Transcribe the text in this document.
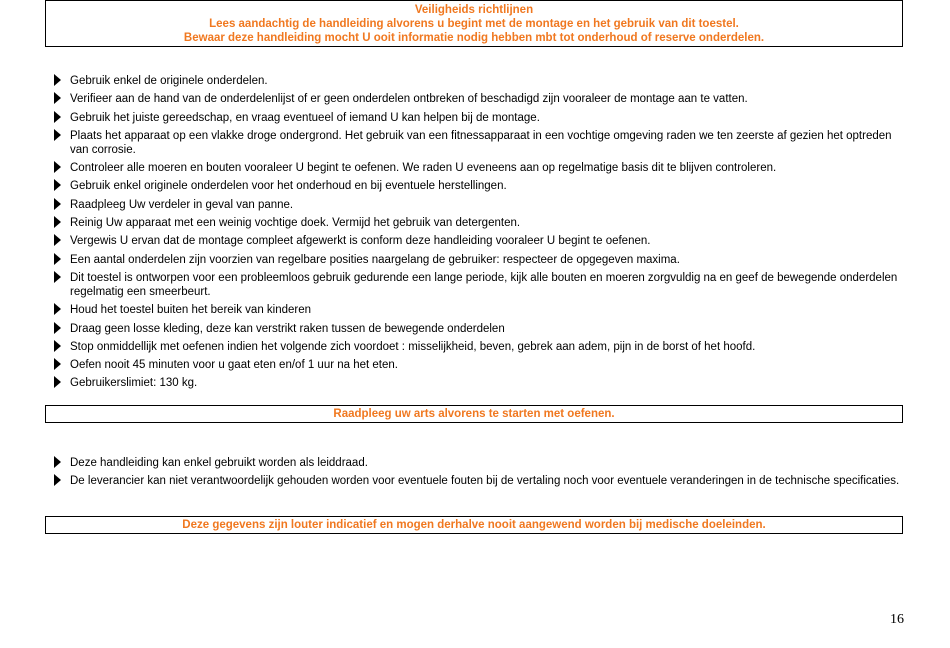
Veiligheids richtlijnen
Lees aandachtig de handleiding alvorens u begint met de montage en het gebruik van dit toestel.
Bewaar deze handleiding mocht U ooit informatie nodig hebben mbt tot onderhoud of reserve onderdelen.
Gebruik enkel de originele onderdelen.
Verifieer aan de hand van de onderdelenlijst of er geen onderdelen ontbreken of beschadigd zijn vooraleer de montage aan te vatten.
Gebruik het juiste gereedschap, en vraag eventueel of iemand U kan helpen bij de montage.
Plaats het apparaat op een vlakke droge ondergrond. Het gebruik van een fitnessapparaat in een vochtige omgeving raden we ten zeerste af gezien het optreden van corrosie.
Controleer alle moeren en bouten vooraleer U begint te oefenen. We raden U eveneens aan op regelmatige basis dit te blijven controleren.
Gebruik enkel originele onderdelen voor het onderhoud en bij eventuele herstellingen.
Raadpleeg Uw verdeler in geval van panne.
Reinig Uw apparaat met een weinig vochtige doek. Vermijd het gebruik van detergenten.
Vergewis U ervan dat de montage compleet afgewerkt is conform deze handleiding vooraleer U begint te oefenen.
Een aantal onderdelen zijn voorzien van regelbare posities naargelang de gebruiker: respecteer de opgegeven maxima.
Dit toestel is ontworpen voor een probleemloos gebruik gedurende een lange periode, kijk alle bouten en moeren zorgvuldig na en geef de bewegende onderdelen regelmatig een smeerbeurt.
Houd het toestel buiten het bereik van kinderen
Draag geen losse kleding, deze kan verstrikt raken tussen de bewegende onderdelen
Stop onmiddellijk met oefenen indien het volgende zich voordoet : misselijkheid, beven, gebrek aan adem, pijn in de borst of het hoofd.
Oefen nooit 45 minuten voor u gaat eten en/of 1 uur na het eten.
Gebruikerslimiet: 130 kg.
Raadpleeg uw arts alvorens te starten met oefenen.
Deze handleiding kan enkel gebruikt worden als leiddraad.
De leverancier kan niet verantwoordelijk gehouden worden voor eventuele fouten bij de vertaling noch voor eventuele veranderingen in de technische specificaties.
Deze gegevens zijn louter indicatief en mogen derhalve nooit aangewend worden bij medische doeleinden.
16
